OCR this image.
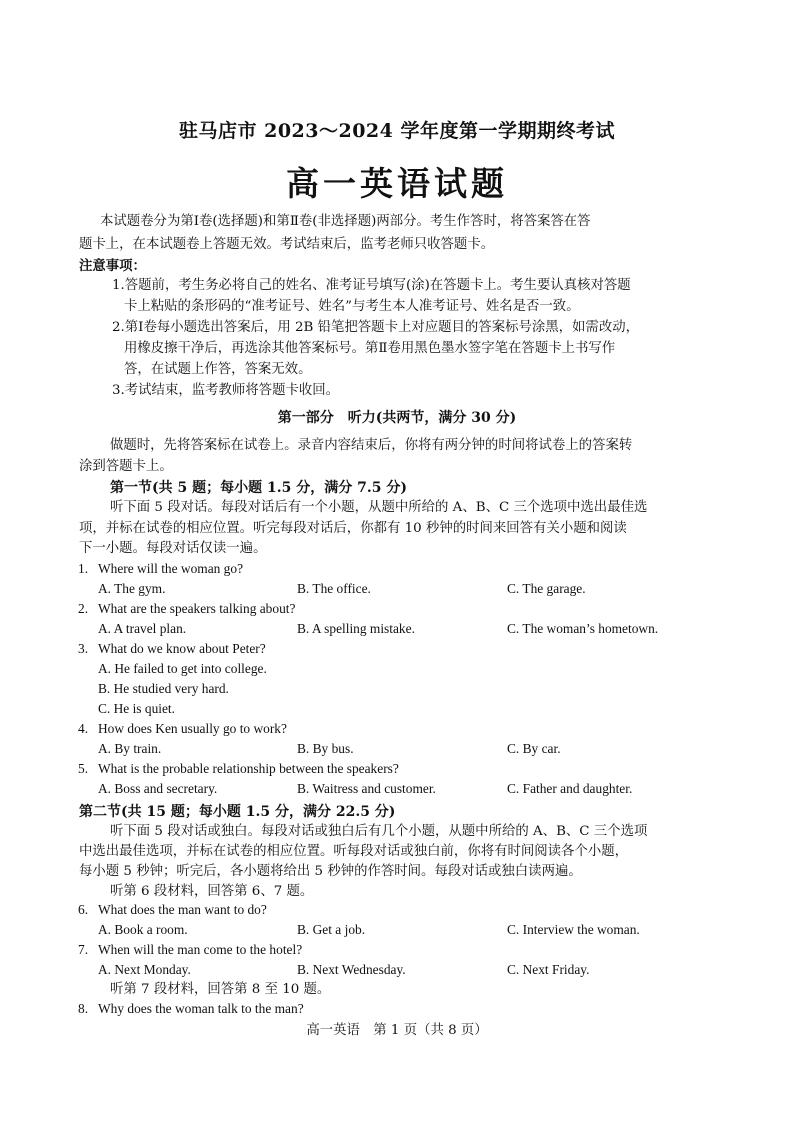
驻马店市 2023～2024 学年度第一学期期终考试
高一英语试题
本试题卷分为第Ⅰ卷(选择题)和第Ⅱ卷(非选择题)两部分。考生作答时，将答案答在答
题卡上，在本试题卷上答题无效。考试结束后，监考老师只收答题卡。
注意事项：
1.答题前，考生务必将自己的姓名、准考证号填写(涂)在答题卡上。考生要认真核对答题
卡上粘贴的条形码的“准考证号、姓名”与考生本人准考证号、姓名是否一致。
2.第Ⅰ卷每小题选出答案后，用 2B 铅笔把答题卡上对应题目的答案标号涂黑，如需改动，
用橡皮擦干净后，再选涂其他答案标号。第Ⅱ卷用黑色墨水签字笔在答题卡上书写作
答，在试题上作答，答案无效。
3.考试结束，监考教师将答题卡收回。
第一部分　听力(共两节，满分 30 分)
做题时，先将答案标在试卷上。录音内容结束后，你将有两分钟的时间将试卷上的答案转
涂到答题卡上。
第一节(共 5 题；每小题 1.5 分，满分 7.5 分)
听下面 5 段对话。每段对话后有一个小题，从题中所给的 A、B、C 三个选项中选出最佳选
项，并标在试卷的相应位置。听完每段对话后，你都有 10 秒钟的时间来回答有关小题和阅读
下一小题。每段对话仅读一遍。
1. Where will the woman go?
A. The gym.	B. The office.	C. The garage.
2. What are the speakers talking about?
A. A travel plan.	B. A spelling mistake.	C. The woman’s hometown.
3. What do we know about Peter?
A. He failed to get into college.
B. He studied very hard.
C. He is quiet.
4. How does Ken usually go to work?
A. By train.	B. By bus.	C. By car.
5. What is the probable relationship between the speakers?
A. Boss and secretary.	B. Waitress and customer.	C. Father and daughter.
第二节(共 15 题；每小题 1.5 分，满分 22.5 分)
听下面 5 段对话或独白。每段对话或独白后有几个小题，从题中所给的 A、B、C 三个选项
中选出最佳选项，并标在试卷的相应位置。听每段对话或独白前，你将有时间阅读各个小题，
每小题 5 秒钟；听完后，各小题将给出 5 秒钟的作答时间。每段对话或独白读两遍。
听第 6 段材料，回答第 6、7 题。
6. What does the man want to do?
A. Book a room.	B. Get a job.	C. Interview the woman.
7. When will the man come to the hotel?
A. Next Monday.	B. Next Wednesday.	C. Next Friday.
听第 7 段材料，回答第 8 至 10 题。
8. Why does the woman talk to the man?
高一英语　第 1 页（共 8 页）
